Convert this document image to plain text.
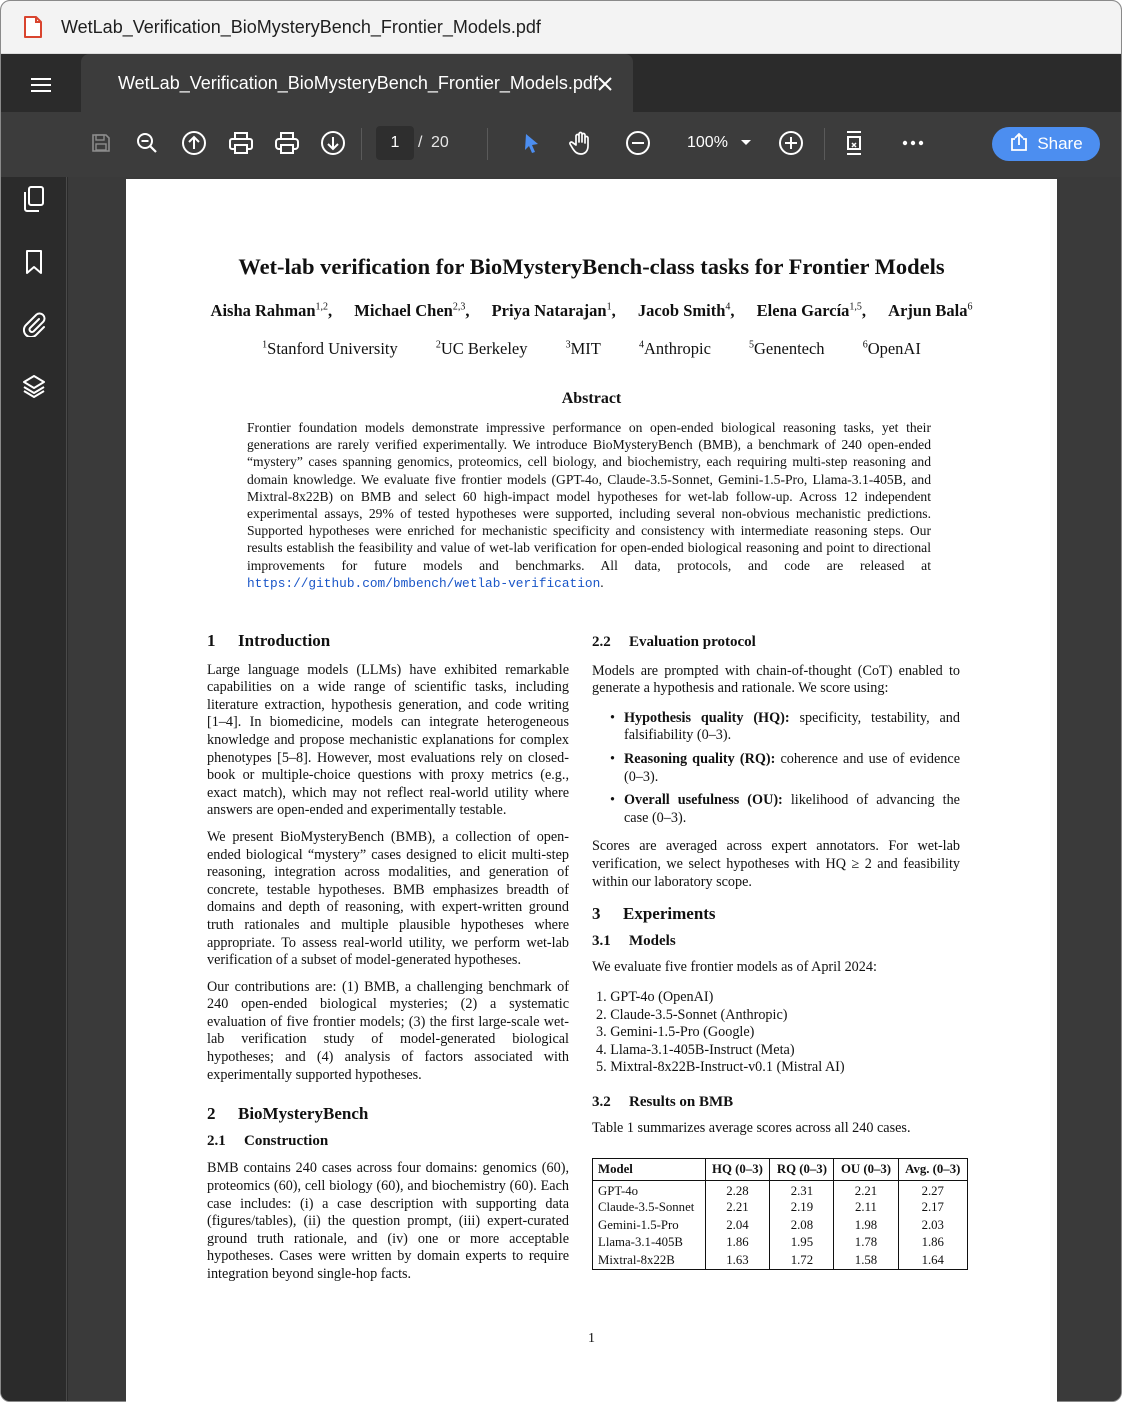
WetLab_Verification_BioMysteryBench_Frontier_Models.pdf
WetLab_Verification_BioMysteryBench_Frontier_Models.pdf
1	/ 20	100%	Share
Wet-lab verification for BioMysteryBench-class tasks for Frontier Models
Aisha Rahman$^{1,2}$, Michael Chen$^{2,3}$, Priya Natarajan$^1$, Jacob Smith$^4$, Elena García$^{1,5}$, Arjun Bala$^6$
$^1$Stanford University	$^2$UC Berkeley	$^3$MIT	$^4$Anthropic	$^5$Genentech	$^6$OpenAI
Abstract
Frontier foundation models demonstrate impressive performance on open-ended biological reasoning tasks, yet their generations are rarely verified experimentally. We introduce BioMysteryBench (BMB), a benchmark of 240 open-ended “mystery” cases spanning genomics, proteomics, cell biology, and biochemistry, each requiring multi-step reasoning and domain knowledge. We evaluate five frontier models (GPT-4o, Claude-3.5-Sonnet, Gemini-1.5-Pro, Llama-3.1-405B, and Mixtral-8x22B) on BMB and select 60 high-impact model hypotheses for wet-lab follow-up. Across 12 independent experimental assays, 29% of tested hypotheses were supported, including several non-obvious mechanistic predictions. Supported hypotheses were enriched for mechanistic specificity and consistency with intermediate reasoning steps. Our results establish the feasibility and value of wet-lab verification for open-ended biological reasoning and point to directional improvements for future models and benchmarks. All data, protocols, and code are released at https://github.com/bmbench/wetlab-verification.
1 Introduction

Large language models (LLMs) have exhibited remarkable capabilities on a wide range of scientific tasks, including literature extraction, hypothesis generation, and code writing [1–4]. In biomedicine, models can integrate heterogeneous knowledge and propose mechanistic explanations for complex phenotypes [5–8]. However, most evaluations rely on closed-book or multiple-choice questions with proxy metrics (e.g., exact match), which may not reflect real-world utility where answers are open-ended and experimentally testable.

We present BioMysteryBench (BMB), a collection of open-ended biological “mystery” cases designed to elicit multi-step reasoning, integration across modalities, and generation of concrete, testable hypotheses. BMB emphasizes breadth of domains and depth of reasoning, with expert-written ground truth rationales and multiple plausible hypotheses where appropriate. To assess real-world utility, we perform wet-lab verification of a subset of model-generated hypotheses.

Our contributions are: (1) BMB, a challenging benchmark of 240 open-ended biological mysteries; (2) a systematic evaluation of five frontier models; (3) the first large-scale wet-lab verification study of model-generated biological hypotheses; and (4) analysis of factors associated with experimentally supported hypotheses.

2 BioMysteryBench
2.1 Construction

BMB contains 240 cases across four domains: genomics (60), proteomics (60), cell biology (60), and biochemistry (60). Each case includes: (i) a case description with supporting data (figures/tables), (ii) the question prompt, (iii) expert-curated ground truth rationale, and (iv) one or more acceptable hypotheses. Cases were written by domain experts to require integration beyond single-hop facts.

2.2 Evaluation protocol

Models are prompted with chain-of-thought (CoT) enabled to generate a hypothesis and rationale. We score using:

• Hypothesis quality (HQ): specificity, testability, and falsifiability (0–3).
• Reasoning quality (RQ): coherence and use of evidence (0–3).
• Overall usefulness (OU): likelihood of advancing the case (0–3).

Scores are averaged across expert annotators. For wet-lab verification, we select hypotheses with HQ ≥ 2 and feasibility within our laboratory scope.

3 Experiments
3.1 Models

We evaluate five frontier models as of April 2024:

1. GPT-4o (OpenAI)
2. Claude-3.5-Sonnet (Anthropic)
3. Gemini-1.5-Pro (Google)
4. Llama-3.1-405B-Instruct (Meta)
5. Mixtral-8x22B-Instruct-v0.1 (Mistral AI)
3.2 Results on BMB

Table 1 summarizes average scores across all 240 cases.

Model	HQ (0–3)	RQ (0–3)	OU (0–3)	Avg. (0–3)
GPT-4o	2.28	2.31	2.21	2.27
Claude-3.5-Sonnet	2.21	2.19	2.11	2.17
Gemini-1.5-Pro	2.04	2.08	1.98	2.03
Llama-3.1-405B	1.86	1.95	1.78	1.86
Mixtral-8x22B	1.63	1.72	1.58	1.64
1
